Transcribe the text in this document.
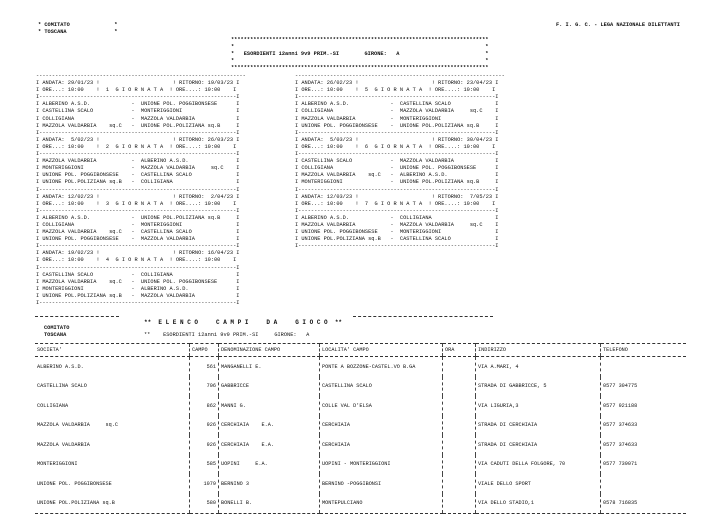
* COMITATO              *
* TOSCANA               *
F. I. G. C. - LEGA NAZIONALE DILETTANTI
*********************************************************************************
*                                                                               *
*   ESORDIENTI 12anni 9v9 PRIM.-SI        GIRONE:   A                           *
*                                                                               *
*********************************************************************************
------------------------------------------------------------------
I ANDATA: 29/01/23 !                       ! RITORNO: 19/03/23 I
I ORE...: 10:00    !  1  G I O R N A T A  ! ORE....: 10:00    I
I--------------------------------------------------------------I
I ALBERINO A.S.D.             -  UNIONE POL. POGGIBONSESE      I
I CASTELLINA SCALO            -  MONTERIGGIONI                 I
I COLLIGIANA                  -  MAZZOLA VALDARBIA             I
I MAZZOLA VALDARBIA    sq.C   -  UNIONE POL.POLIZIANA sq.B     I
I--------------------------------------------------------------I
I ANDATA:  5/02/23 !                       ! RITORNO: 26/03/23 I
I ORE...: 10:00    !  2  G I O R N A T A  ! ORE....: 10:00    I
I--------------------------------------------------------------I
I MAZZOLA VALDARBIA           -  ALBERINO A.S.D.               I
I MONTERIGGIONI               -  MAZZOLA VALDARBIA     sq.C    I
I UNIONE POL. POGGIBONSESE    -  CASTELLINA SCALO              I
I UNIONE POL.POLIZIANA sq.B   -  COLLIGIANA                    I
I--------------------------------------------------------------I
I ANDATA: 12/02/23 !                       ! RITORNO:  2/04/23 I
I ORE...: 10:00    !  3  G I O R N A T A  ! ORE....: 10:00    I
I--------------------------------------------------------------I
I ALBERINO A.S.D.             -  UNIONE POL.POLIZIANA sq.B     I
I COLLIGIANA                  -  MONTERIGGIONI                 I
I MAZZOLA VALDARBIA    sq.C   -  CASTELLINA SCALO              I
I UNIONE POL. POGGIBONSESE    -  MAZZOLA VALDARBIA             I
I--------------------------------------------------------------I
I ANDATA: 19/02/23 !                       ! RITORNO: 16/04/23 I
I ORE...: 10:00    !  4  G I O R N A T A  ! ORE....: 10:00    I
I--------------------------------------------------------------I
I CASTELLINA SCALO            -  COLLIGIANA                    I
I MAZZOLA VALDARBIA    sq.C   -  UNIONE POL. POGGIBONSESE      I
I MONTERIGGIONI               -  ALBERINO A.S.D.               I
I UNIONE POL.POLIZIANA sq.B   -  MAZZOLA VALDARBIA             I
I--------------------------------------------------------------I
------------------------------------------------------------------
I ANDATA: 26/02/23 !                       ! RITORNO: 23/04/23 I
I ORE...: 10:00    !  5  G I O R N A T A  ! ORE....: 10:00    I
I--------------------------------------------------------------I
I ALBERINO A.S.D.             -  CASTELLINA SCALO              I
I COLLIGIANA                  -  MAZZOLA VALDARBIA     sq.C    I
I MAZZOLA VALDARBIA           -  MONTERIGGIONI                 I
I UNIONE POL. POGGIBONSESE    -  UNIONE POL.POLIZIANA sq.B     I
I--------------------------------------------------------------I
I ANDATA:  5/03/23 !                       ! RITORNO: 30/04/23 I
I ORE...: 10:00    !  6  G I O R N A T A  ! ORE....: 10:00    I
I--------------------------------------------------------------I
I CASTELLINA SCALO            -  MAZZOLA VALDARBIA             I
I COLLIGIANA                  -  UNIONE POL. POGGIBONSESE      I
I MAZZOLA VALDARBIA    sq.C   -  ALBERINO A.S.D.               I
I MONTERIGGIONI               -  UNIONE POL.POLIZIANA sq.B     I
I--------------------------------------------------------------I
I ANDATA: 12/03/23 !                       ! RITORNO:  7/05/23 I
I ORE...: 10:00    !  7  G I O R N A T A  ! ORE....: 10:00    I
I--------------------------------------------------------------I
I ALBERINO A.S.D.             -  COLLIGIANA                    I
I MAZZOLA VALDARBIA           -  MAZZOLA VALDARBIA     sq.C    I
I UNIONE POL. POGGIBONSESE    -  MONTERIGGIONI                 I
I UNIONE POL.POLIZIANA sq.B   -  CASTELLINA SCALO              I
I--------------------------------------------------------------I
COMITATO
TOSCANA
**  E L E N C O     C A M P I     D A     G I O C O  **
**    ESORDIENTI 12anni 9v9 PRIM.-SI     GIRONE:   A
SOCIETA'	CAMPO	DENOMINAZIONE CAMPO	LOCALITA' CAMPO	ORA	INDIRIZZO	TELEFONO
ALBERINO A.S.D.	561	MANGANELLI E.	PONTE A BOZZONE-CASTEL.VO B.GA		VIA A.MARI, 4	
CASTELLINA SCALO	706	GABBRICCE	CASTELLINA SCALO		STRADA DI GABBRICCE, 5	0577 304775
COLLIGIANA	862	MANNI G.	COLLE VAL D'ELSA		VIA LIGURIA,3	0577 921188
MAZZOLA VALDARBIA     sq.C	926	CERCHIAIA    E.A.	CERCHIAIA		STRADA DI CERCHIAIA	0577 374633
MAZZOLA VALDARBIA	926	CERCHIAIA    E.A.	CERCHIAIA		STRADA DI CERCHIAIA	0577 374633
MONTERIGGIONI	585	UOPINI     E.A.	UOPINI - MONTERIGGIONI		VIA CADUTI DELLA FOLGORE, 70	0577 739071
UNIONE POL. POGGIBONSESE	1079	BERNINO 3	BERNINO -POGGIBONSI		VIALE DELLO SPORT	
UNIONE POL.POLIZIANA sq.B	580	BONELLI B.	MONTEPULCIANO		VIA DELLO STADIO,1	0578 716835
